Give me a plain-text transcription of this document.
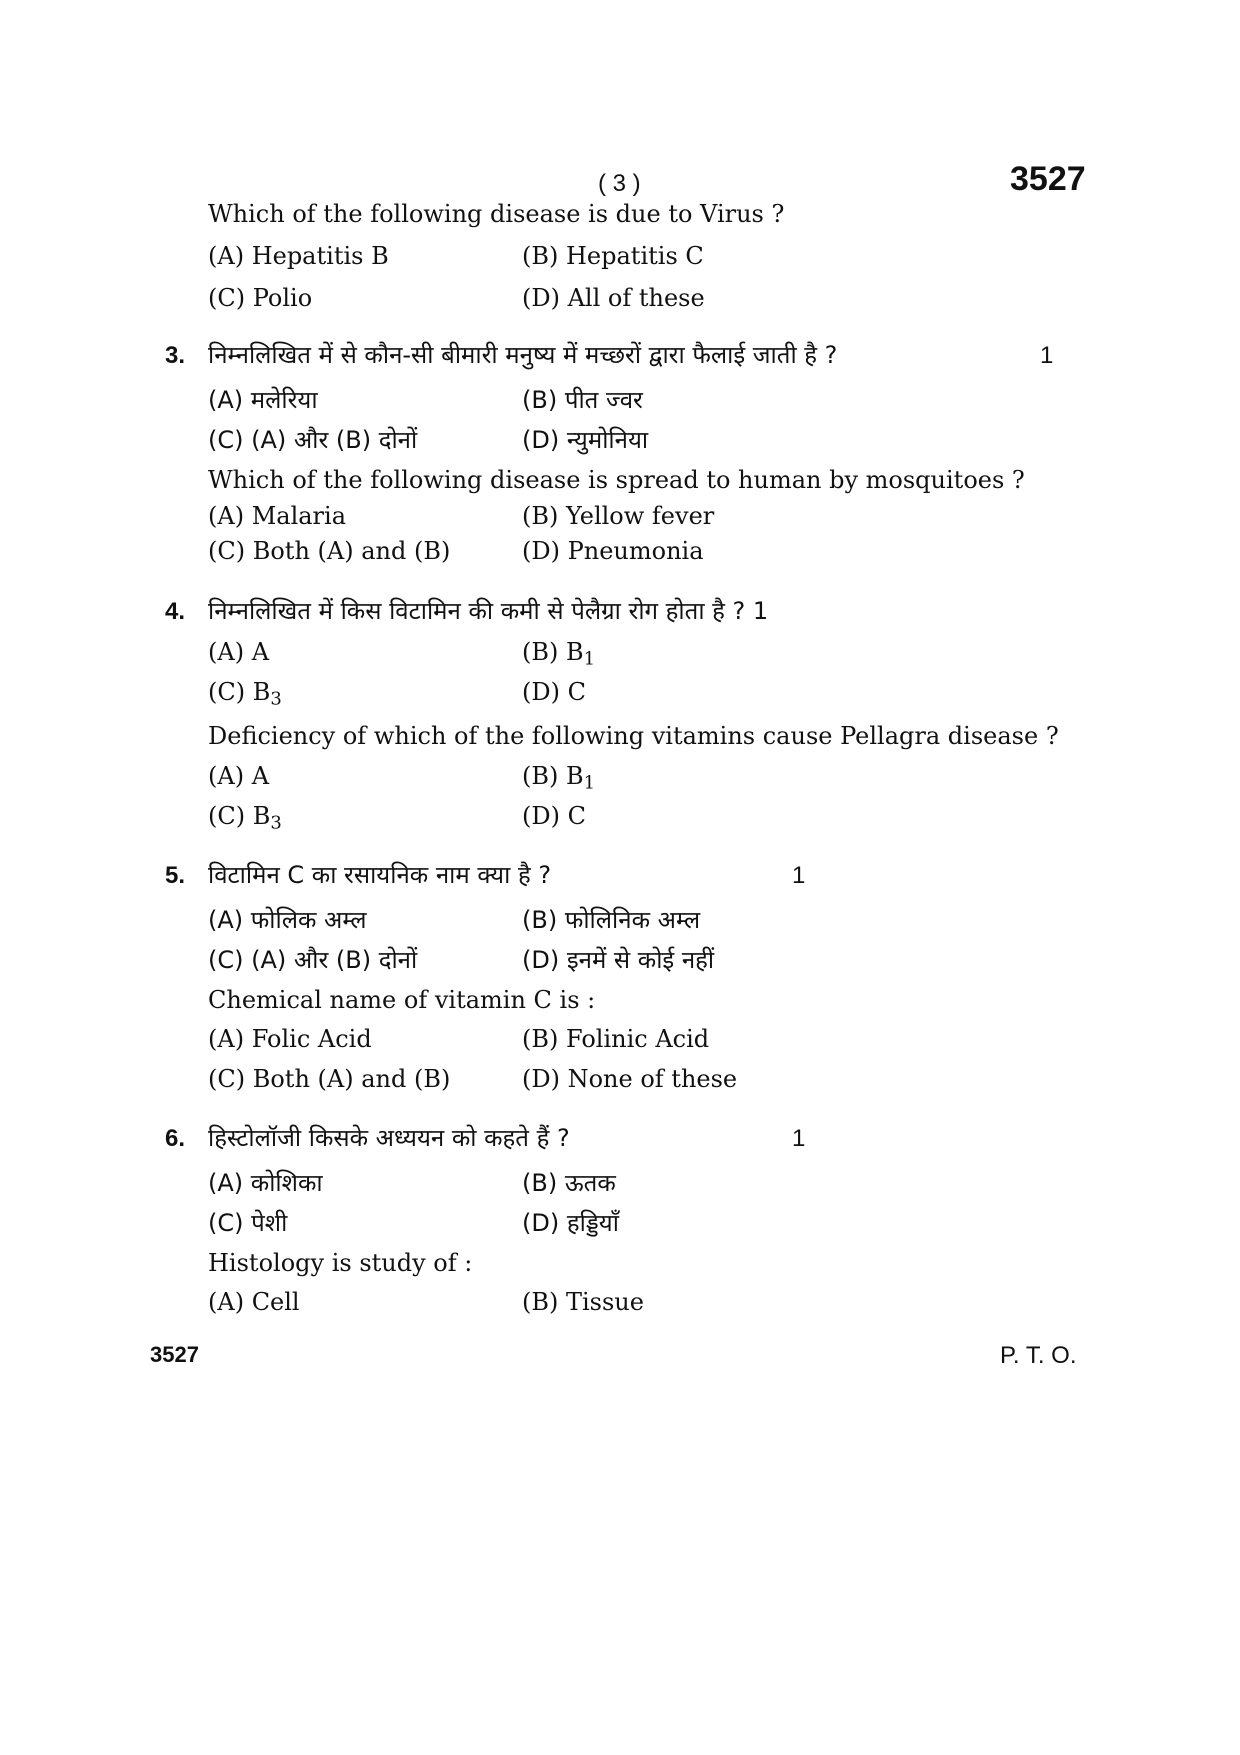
( 3 )	3527
Which of the following disease is due to Virus ?
(A) Hepatitis B	(B) Hepatitis C
(C) Polio	(D) All of these
3. निम्नलिखित में से कौन-सी बीमारी मनुष्य में मच्छरों द्वारा फैलाई जाती है ?	1
(A) मलेरिया	(B) पीत ज्वर
(C) (A) और (B) दोनों	(D) न्युमोनिया
Which of the following disease is spread to human by mosquitoes ?
(A) Malaria	(B) Yellow fever
(C) Both (A) and (B)	(D) Pneumonia
4. निम्नलिखित में किस विटामिन की कमी से पेलैग्रा रोग होता है ? 1
(A) A	(B) $B_1$
(C) $B_3$	(D) C
Deficiency of which of the following vitamins cause Pellagra disease ?
(A) A	(B) $B_1$
(C) $B_3$	(D) C
5. विटामिन C का रसायनिक नाम क्या है ?	1
(A) फोलिक अम्ल	(B) फोलिनिक अम्ल
(C) (A) और (B) दोनों	(D) इनमें से कोई नहीं
Chemical name of vitamin C is :
(A) Folic Acid	(B) Folinic Acid
(C) Both (A) and (B)	(D) None of these
6. हिस्टोलॉजी किसके अध्ययन को कहते हैं ?	1
(A) कोशिका	(B) ऊतक
(C) पेशी	(D) हड्डियाँ
Histology is study of :
(A) Cell	(B) Tissue
3527	P. T. O.
